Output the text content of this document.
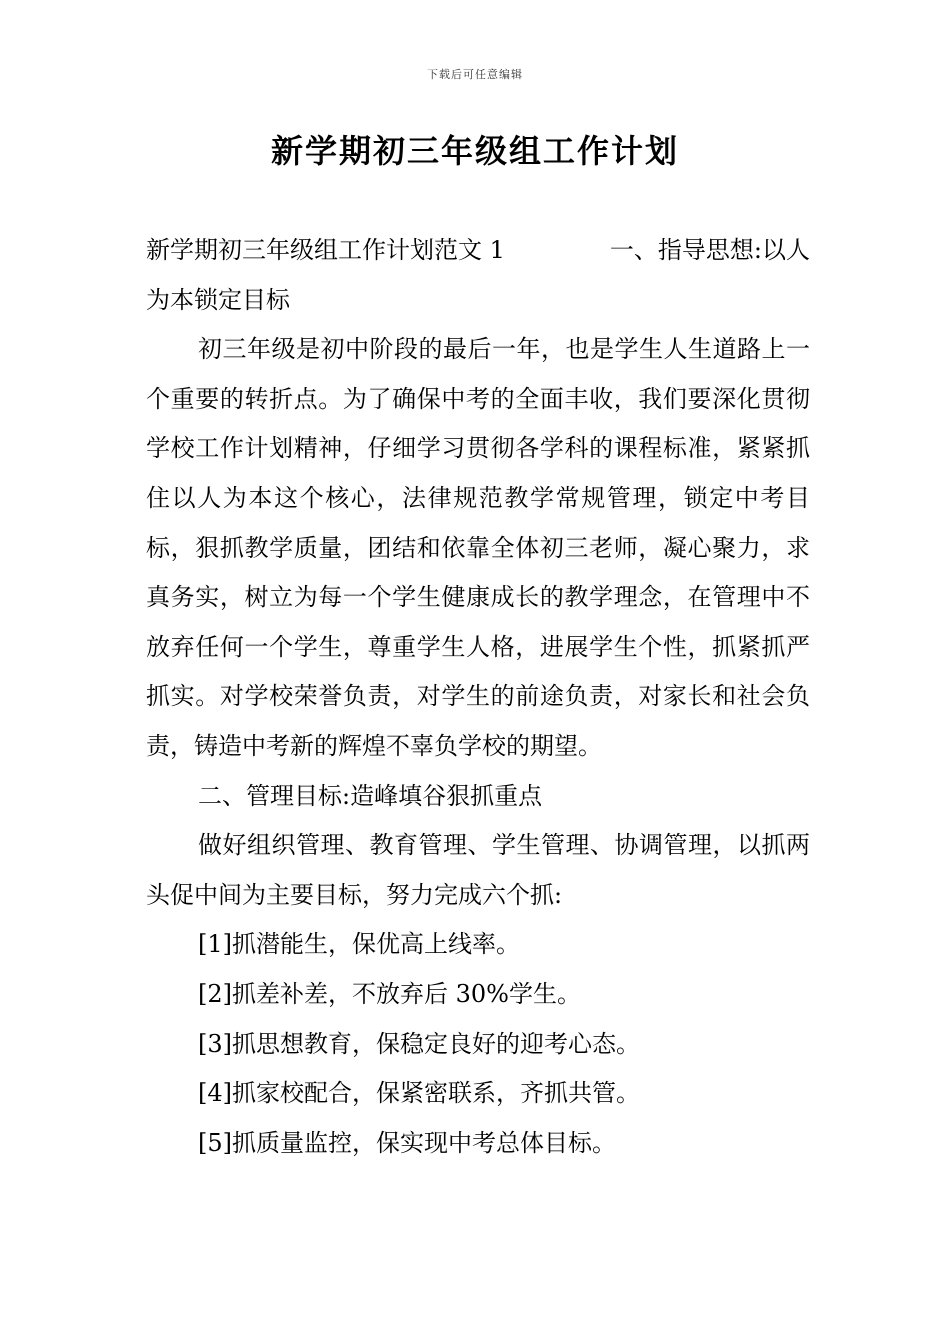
下载后可任意编辑
新学期初三年级组工作计划
新学期初三年级组工作计划范文 1	一、指导思想:以人

为本锁定目标

初三年级是初中阶段的最后一年，也是学生人生道路上一个重要的转折点。为了确保中考的全面丰收，我们要深化贯彻学校工作计划精神，仔细学习贯彻各学科的课程标准，紧紧抓住以人为本这个核心，法律规范教学常规管理，锁定中考目标，狠抓教学质量，团结和依靠全体初三老师，凝心聚力，求真务实，树立为每一个学生健康成长的教学理念，在管理中不放弃任何一个学生，尊重学生人格，进展学生个性，抓紧抓严抓实。对学校荣誉负责，对学生的前途负责，对家长和社会负责，铸造中考新的辉煌不辜负学校的期望。

二、管理目标:造峰填谷狠抓重点

做好组织管理、教育管理、学生管理、协调管理，以抓两头促中间为主要目标，努力完成六个抓:

[1]抓潜能生，保优高上线率。

[2]抓差补差，不放弃后 30%学生。

[3]抓思想教育，保稳定良好的迎考心态。

[4]抓家校配合，保紧密联系，齐抓共管。

[5]抓质量监控，保实现中考总体目标。
